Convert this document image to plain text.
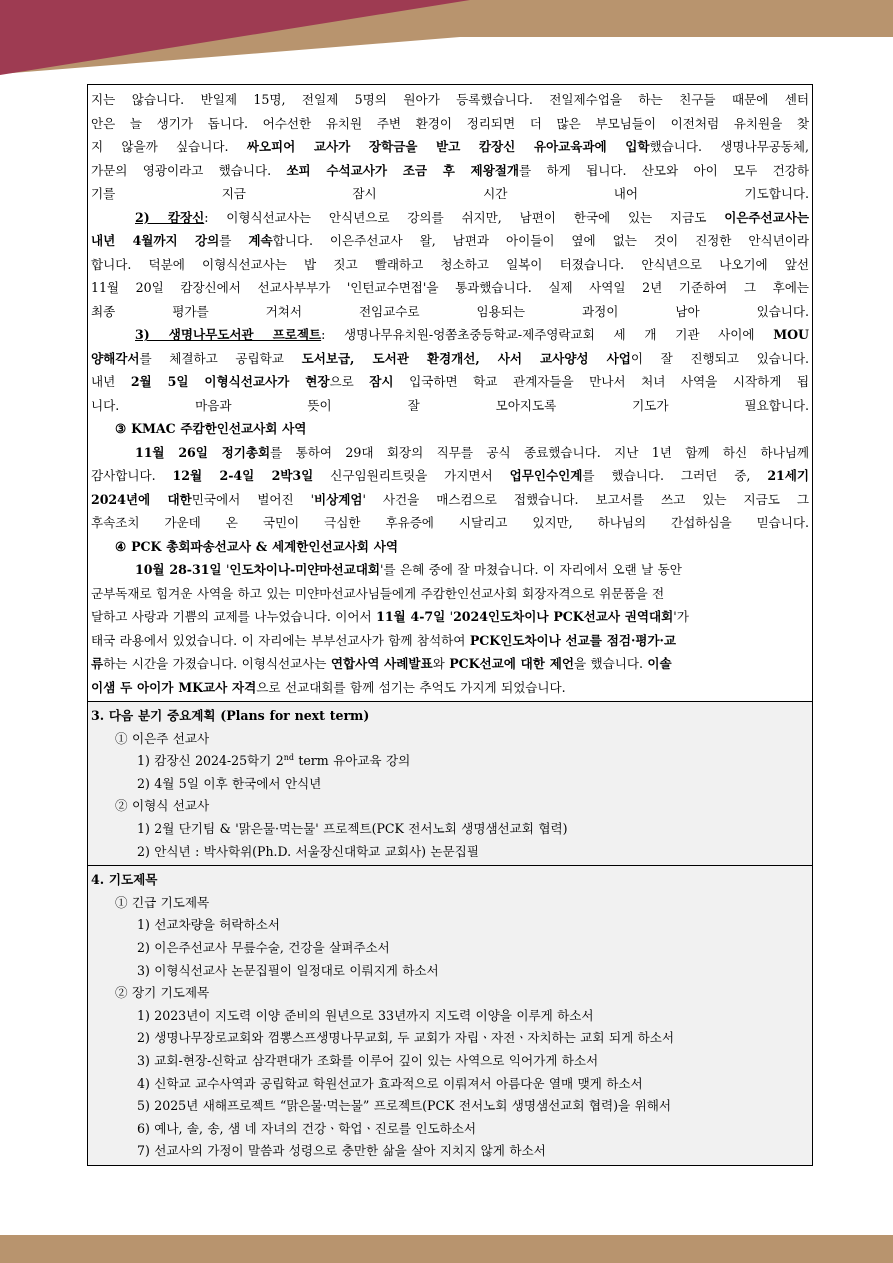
지는 않습니다. 반일제 15명, 전일제 5명의 원아가 등록했습니다. 전일제수업을 하는 친구들 때문에 센터
안은 늘 생기가 돕니다. 어수선한 유치원 주변 환경이 정리되면 더 많은 부모님들이 이전처럼 유치원을 찾
지 않을까 싶습니다. 싸오피어 교사가 장학금을 받고 캄장신 유아교육과에 입학했습니다. 생명나무공동체,
가문의 영광이라고 했습니다. 쏘피 수석교사가 조금 후 제왕절개를 하게 됩니다. 산모와 아이 모두 건강하
기를 지금 잠시 시간 내어 기도합니다.

2) 캄장신: 이형식선교사는 안식년으로 강의를 쉬지만, 남편이 한국에 있는 지금도 이은주선교사는
내년 4월까지 강의를 계속합니다. 이은주선교사 왈, 남편과 아이들이 옆에 없는 것이 진정한 안식년이라
합니다. 덕분에 이형식선교사는 밥 짓고 빨래하고 청소하고 일복이 터졌습니다. 안식년으로 나오기에 앞선
11월 20일 캄장신에서 선교사부부가 '인턴교수면접'을 통과했습니다. 실제 사역일 2년 기준하여 그 후에는
최종 평가를 거쳐서 전임교수로 임용되는 과정이 남아 있습니다.

3) 생명나무도서관 프로젝트: 생명나무유치원-엉쫌초중등학교-제주영락교회 세 개 기관 사이에 MOU
양해각서를 체결하고 공립학교 도서보급, 도서관 환경개선, 사서 교사양성 사업이 잘 진행되고 있습니다.
내년 2월 5일 이형식선교사가 현장으로 잠시 입국하면 학교 관계자들을 만나서 처녀 사역을 시작하게 됩
니다. 마음과 뜻이 잘 모아지도록 기도가 필요합니다.

③ KMAC 주캄한인선교사회 사역

11월 26일 정기총회를 통하여 29대 회장의 직무를 공식 종료했습니다. 지난 1년 함께 하신 하나님께
감사합니다. 12월 2-4일 2박3일 신구임원리트릿을 가지면서 업무인수인계를 했습니다. 그러던 중, 21세기
2024년에 대한민국에서 벌어진 '비상계엄' 사건을 매스컴으로 접했습니다. 보고서를 쓰고 있는 지금도 그
후속조치 가운데 온 국민이 극심한 후유증에 시달리고 있지만, 하나님의 간섭하심을 믿습니다.

④ PCK 총회파송선교사 & 세계한인선교사회 사역

10월 28-31일 '인도차이나-미얀마선교대회'를 은혜 중에 잘 마쳤습니다. 이 자리에서 오랜 날 동안
군부독재로 힘겨운 사역을 하고 있는 미얀마선교사님들에게 주캄한인선교사회 회장자격으로 위문품을 전
달하고 사랑과 기쁨의 교제를 나누었습니다. 이어서 11월 4-7일 '2024인도차이나 PCK선교사 권역대회'가
태국 라용에서 있었습니다. 이 자리에는 부부선교사가 함께 참석하여 PCK인도차이나 선교를 점검·평가·교
류하는 시간을 가졌습니다. 이형식선교사는 연합사역 사례발표와 PCK선교에 대한 제언을 했습니다. 이솔
이샘 두 아이가 MK교사 자격으로 선교대회를 함께 섬기는 추억도 가지게 되었습니다.

3. 다음 분기 중요계획 (Plans for next term)

① 이은주 선교사

1) 캄장신 2024-25학기 2nd term 유아교육 강의

2) 4월 5일 이후 한국에서 안식년

② 이형식 선교사

1) 2월 단기팀 & '맑은물·먹는물' 프로젝트(PCK 전서노회 생명샘선교회 협력)

2) 안식년 : 박사학위(Ph.D. 서울장신대학교 교회사) 논문집필

4. 기도제목

① 긴급 기도제목

1) 선교차량을 허락하소서

2) 이은주선교사 무릎수술, 건강을 살펴주소서

3) 이형식선교사 논문집필이 일정대로 이뤄지게 하소서

② 장기 기도제목

1) 2023년이 지도력 이양 준비의 원년으로 33년까지 지도력 이양을 이루게 하소서

2) 생명나무장로교회와 껌뽕스프생명나무교회, 두 교회가 자립ㆍ자전ㆍ자치하는 교회 되게 하소서

3) 교회-현장-신학교 삼각편대가 조화를 이루어 깊이 있는 사역으로 익어가게 하소서

4) 신학교 교수사역과 공립학교 학원선교가 효과적으로 이뤄져서 아름다운 열매 맺게 하소서

5) 2025년 새해프로젝트 “맑은물·먹는물” 프로젝트(PCK 전서노회 생명샘선교회 협력)을 위해서

6) 예나, 솔, 송, 샘 네 자녀의 건강ㆍ학업ㆍ진로를 인도하소서

7) 선교사의 가정이 말씀과 성령으로 충만한 삶을 살아 지치지 않게 하소서
